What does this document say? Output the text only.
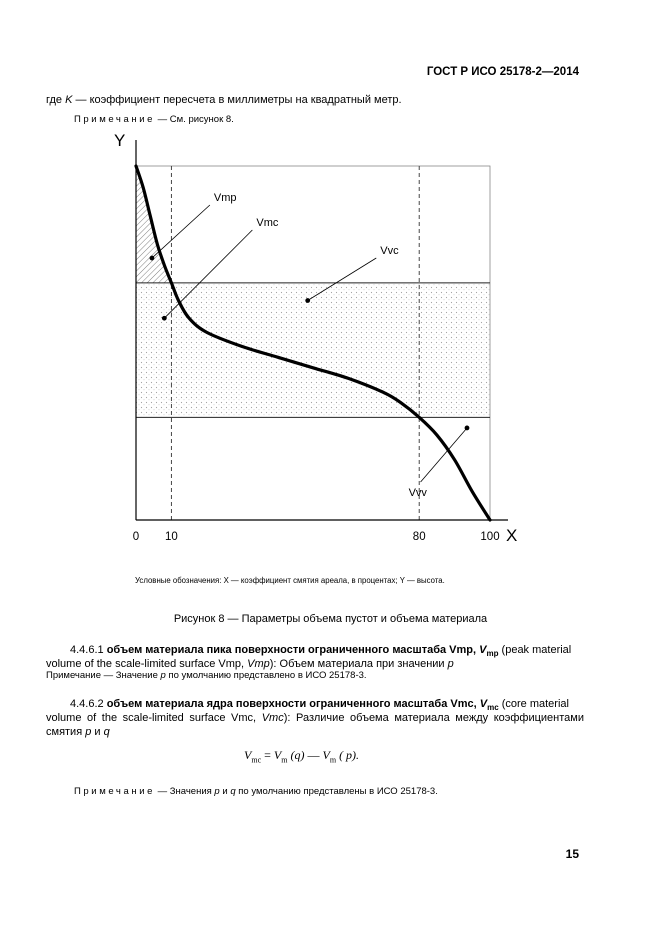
ГОСТ Р ИСО 25178-2—2014
где K — коэффициент пересчета в миллиметры на квадратный метр.
Примечание — См. рисунок 8.
Y
X
0 10	80	100
Vmp
Vmc
Vvc
Vvv
Условные обозначения: X — коэффициент смятия ареала, в процентах; Y — высота.
Рисунок 8 — Параметры объема пустот и объема материала
4.4.6.1 объем материала пика поверхности ограниченного масштаба Vmp, $V_{mp}$ (peak material
volume of the scale-limited surface Vmp, Vmp): Объем материала при значении p
Примечание — Значение p по умолчанию представлено в ИСО 25178-3.
4.4.6.2 объем материала ядра поверхности ограниченного масштаба Vmc, $V_{mc}$ (core material
volume of the scale-limited surface Vmc, Vmc): Различие объема материала между коэффициентами
смятия p и q
$V_{mc} = V_m$ (q) — $V_m$ ( p).
Примечание — Значения p и q по умолчанию представлены в ИСО 25178-3.
15
